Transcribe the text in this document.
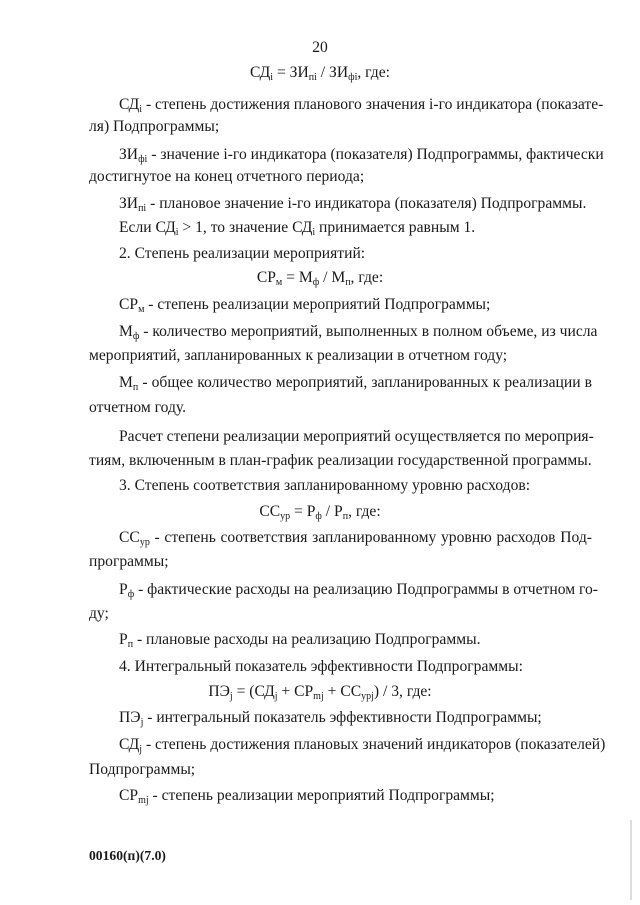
20
$СД_i = ЗИ_{пi} / ЗИ_{фi}$, где:
$СД_i$ - степень достижения планового значения i-го индикатора (показате-
ля) Подпрограммы;
$ЗИ_{фi}$ - значение i-го индикатора (показателя) Подпрограммы, фактически
достигнутое на конец отчетного периода;
$ЗИ_{пi}$ - плановое значение i-го индикатора (показателя) Подпрограммы.
Если $СД_i > 1$, то значение $СД_i$ принимается равным 1.
2. Степень реализации мероприятий:
$СР_м = М_ф / М_п$, где:
$СР_м$ - степень реализации мероприятий Подпрограммы;
$М_ф$ - количество мероприятий, выполненных в полном объеме, из числа
мероприятий, запланированных к реализации в отчетном году;
$М_п$ - общее количество мероприятий, запланированных к реализации в
отчетном году.
Расчет степени реализации мероприятий осуществляется по мероприя-
тиям, включенным в план-график реализации государственной программы.
3. Степень соответствия запланированному уровню расходов:
$СС_{ур} = Р_ф / Р_п$, где:
$СС_{ур}$ - степень соответствия запланированному уровню расходов Под-
программы;
$Р_ф$ - фактические расходы на реализацию Подпрограммы в отчетном го-
ду;
$Р_п$ - плановые расходы на реализацию Подпрограммы.
4. Интегральный показатель эффективности Подпрограммы:
$ПЭ_j = (СД_j + СР_{mj} + СС_{урj}) / 3$, где:
$ПЭ_j$ - интегральный показатель эффективности Подпрограммы;
$СД_j$ - степень достижения плановых значений индикаторов (показателей)
Подпрограммы;
$СР_{mj}$ - степень реализации мероприятий Подпрограммы;
00160(п)(7.0)
